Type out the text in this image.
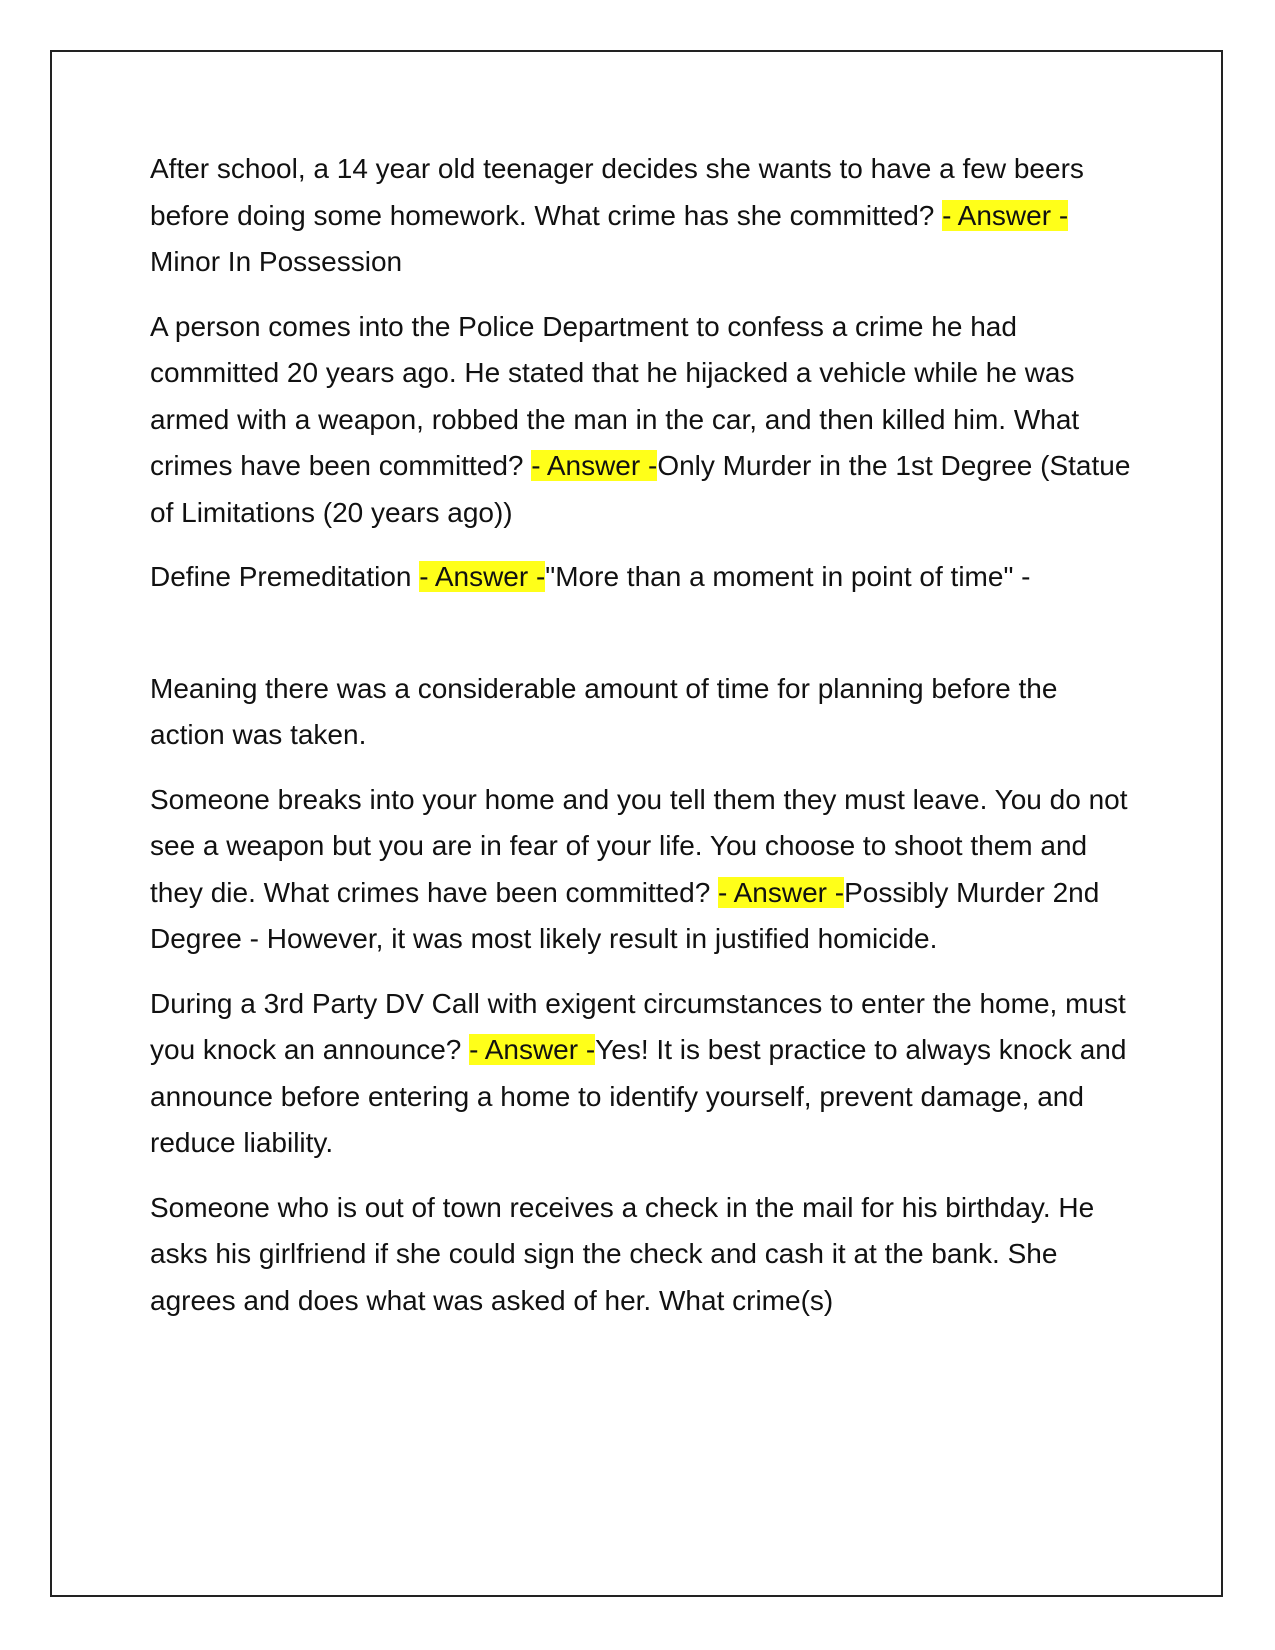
After school, a 14 year old teenager decides she wants to have a few beers before doing some homework. What crime has she committed? - Answer -Minor In Possession

A person comes into the Police Department to confess a crime he had committed 20 years ago. He stated that he hijacked a vehicle while he was armed with a weapon, robbed the man in the car, and then killed him. What crimes have been committed? - Answer -Only Murder in the 1st Degree (Statue of Limitations (20 years ago))

Define Premeditation - Answer -"More than a moment in point of time" -

Meaning there was a considerable amount of time for planning before the action was taken.

Someone breaks into your home and you tell them they must leave. You do not see a weapon but you are in fear of your life. You choose to shoot them and they die. What crimes have been committed? - Answer -Possibly Murder 2nd Degree - However, it was most likely result in justified homicide.

During a 3rd Party DV Call with exigent circumstances to enter the home, must you knock an announce? - Answer -Yes! It is best practice to always knock and announce before entering a home to identify yourself, prevent damage, and reduce liability.

Someone who is out of town receives a check in the mail for his birthday. He asks his girlfriend if she could sign the check and cash it at the bank. She agrees and does what was asked of her. What crime(s)
